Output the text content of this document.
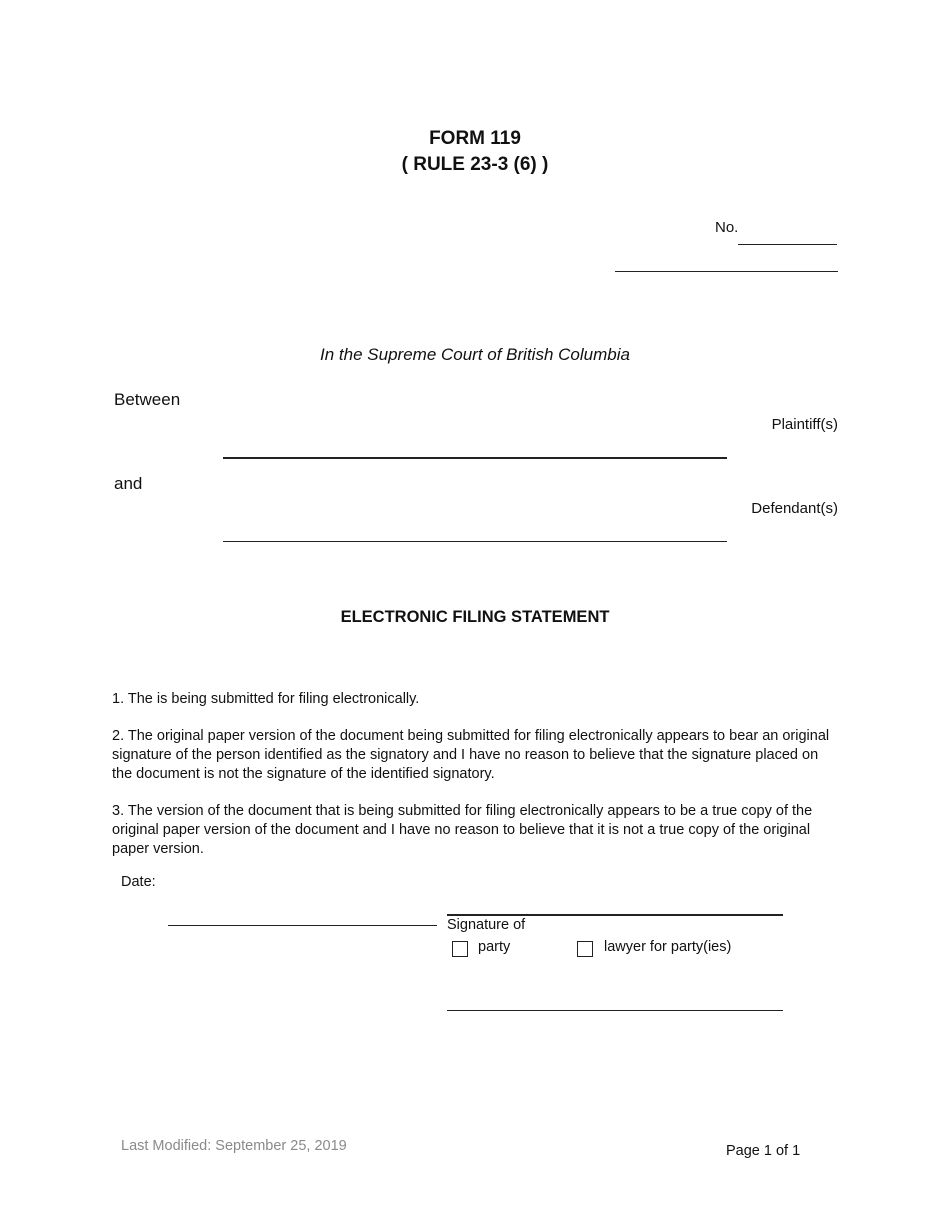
FORM 119
( RULE 23-3 (6) )
No.
In the Supreme Court of British Columbia
Between
Plaintiff(s)
and
Defendant(s)
ELECTRONIC FILING STATEMENT

1. The is being submitted for filing electronically.

2. The original paper version of the document being submitted for filing electronically appears to bear an original signature of the person identified as the signatory and I have no reason to believe that the signature placed on the document is not the signature of the identified signatory.

3. The version of the document that is being submitted for filing electronically appears to be a true copy of the original paper version of the document and I have no reason to believe that it is not a true copy of the original paper version.

Date:
Signature of
party	lawyer for party(ies)
Last Modified: September 25, 2019	Page 1 of 1
